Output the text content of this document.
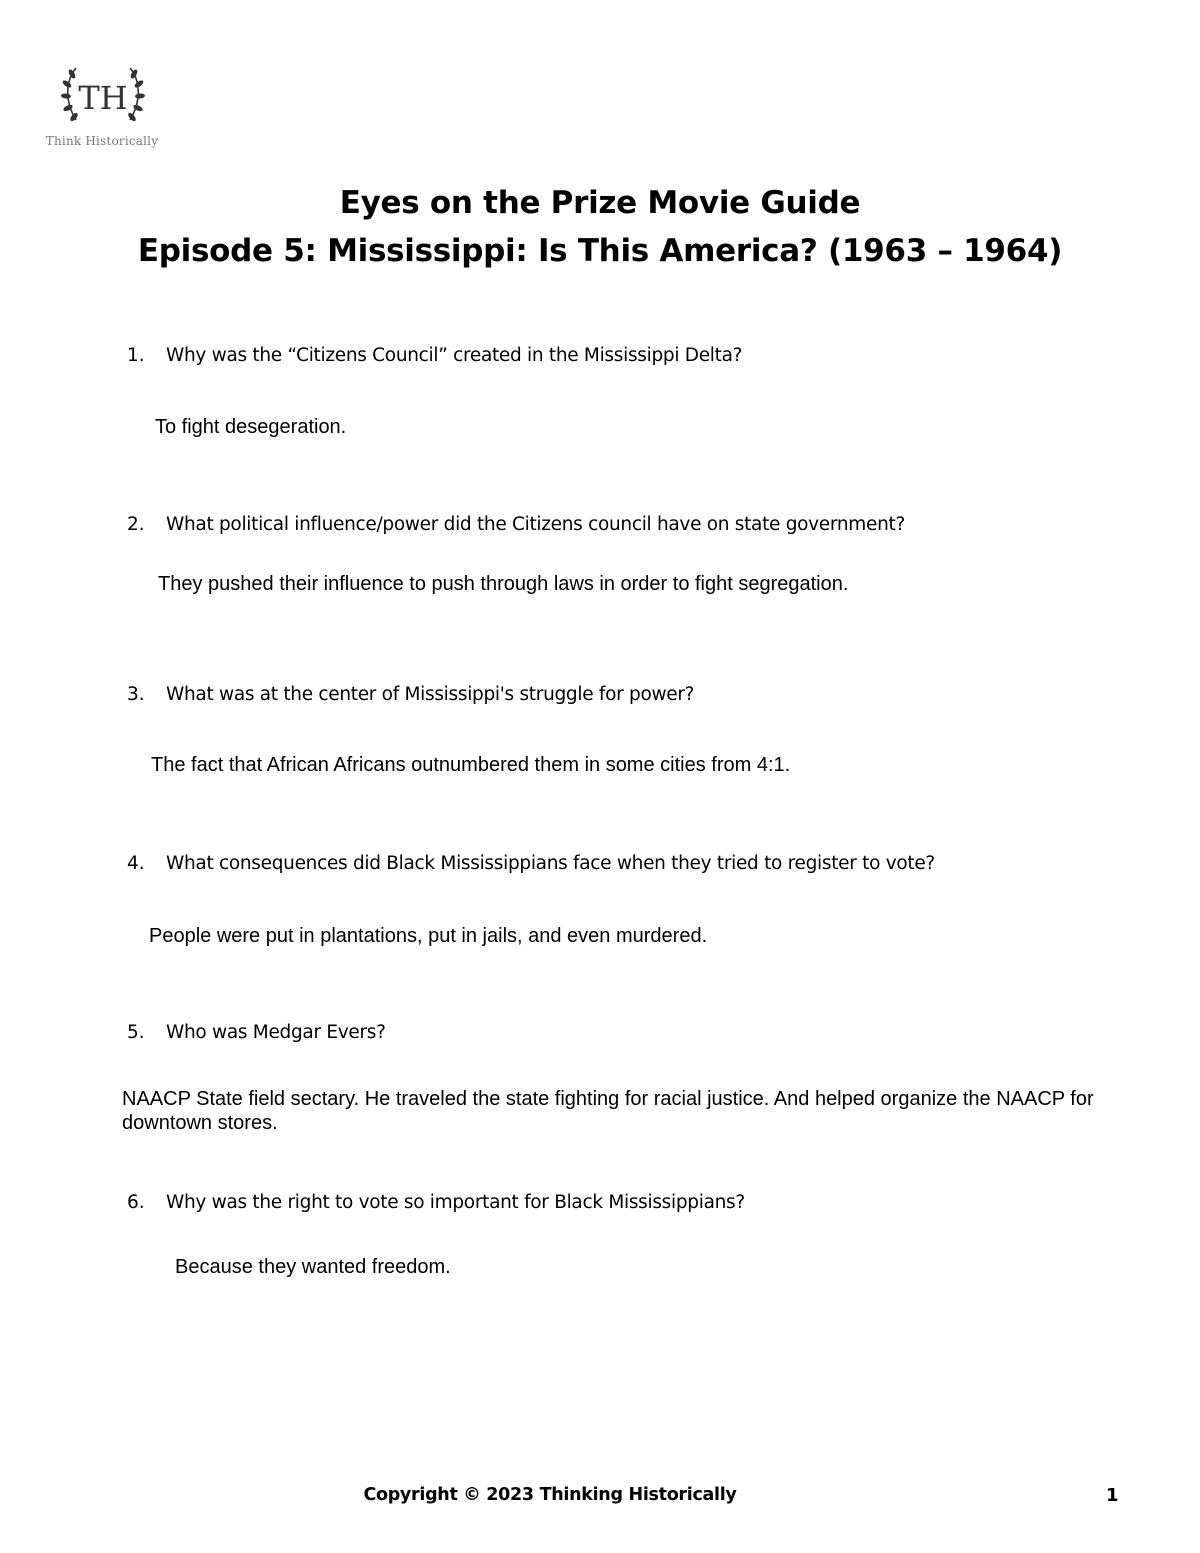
TH
Think Historically
Eyes on the Prize Movie Guide
Episode 5: Mississippi: Is This America? (1963 – 1964)
1. Why was the “Citizens Council” created in the Mississippi Delta?
To fight desegeration.
2. What political influence/power did the Citizens council have on state government?
They pushed their influence to push through laws in order to fight segregation.
3. What was at the center of Mississippi's struggle for power?
The fact that African Africans outnumbered them in some cities from 4:1.
4. What consequences did Black Mississippians face when they tried to register to vote?
People were put in plantations, put in jails, and even murdered.
5. Who was Medgar Evers?
NAACP State field sectary. He traveled the state fighting for racial justice. And helped organize the NAACP for downtown stores.
6. Why was the right to vote so important for Black Mississippians?
Because they wanted freedom.
Copyright © 2023 Thinking Historically	1
